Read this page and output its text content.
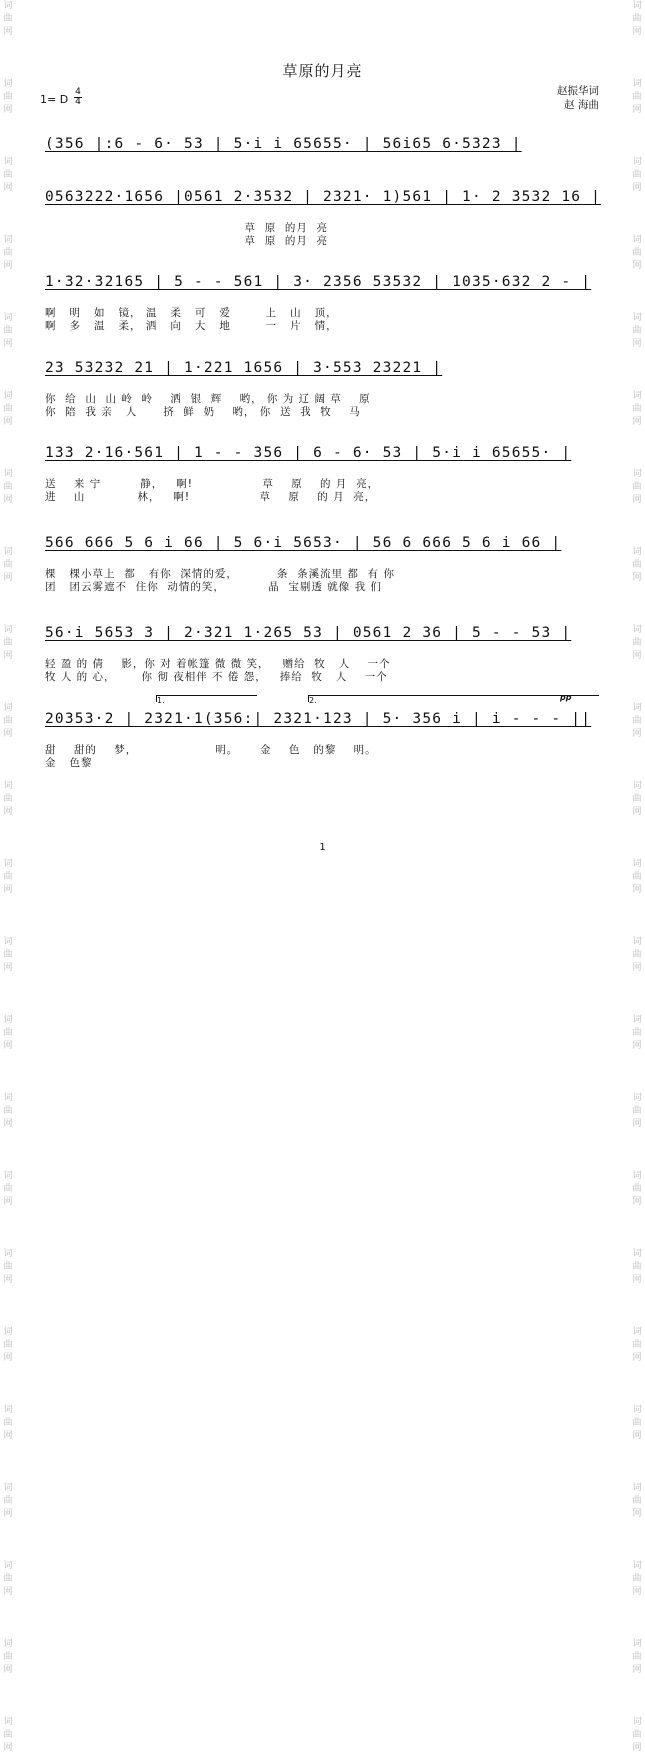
词
曲
网

词
曲
网

词
曲
网

词
曲
网

词
曲
网

词
曲
网

词
曲
网

词
曲
网

词
曲
网

词
曲
网

词
曲
网

词
曲
网

词
曲
网

词
曲
网

词
曲
网

词
曲
网

词
曲
网

词
曲
网

词
曲
网

词
曲
网

词
曲
网

词
曲
网

词
曲
网

词
曲
网

词
曲
网

词
曲
网

词
曲
网

词
曲
网

词
曲
网

词
曲
网

词
曲
网

词
曲
网

词
曲
网

词
曲
网

词
曲
网

词
曲
网

词
曲
网

词
曲
网

词
曲
网

词
曲
网

词
曲
网

词
曲
网

词
曲
网

词
曲
网

词
曲
网

词
曲
网

草原的月亮
赵振华词
赵 海曲
1= D
4
4
(356 |:6 - 6· 53 | 5·i i 65655· | 56i65 6·5323 |
0563222·1656 |0561 2·3532 | 2321· 1)561 | 1· 2 3532 16 |
草  原  的月  亮
草  原  的月  亮
1·32·32165 | 5 - - 561 | 3· 2356 53532 | 1035·632 2 - |
啊   明   如   镜， 温   柔   可   爱        上   山   顶，
啊   多   温   柔， 洒   向   大   地        一   片   情，
23 53232 21 | 1·221 1656 | 3·553 23221 |
你  给  山  山 岭  岭    洒  银  辉    哟， 你 为 辽 阔 草    原
你  陪  我 亲   人      挤  鲜  奶    哟， 你  送  我  牧    马
133 2·16·561 | 1 - - 356 | 6 - 6· 53 | 5·i i 65655· |
送    来 宁         静，   啊!                草    原    的 月  亮，
进    山            林，   啊!                草    原    的 月  亮，
566 666 5 6 i 66 | 5 6·i 5653· | 56 6 666 5 6 i 66 |
棵   棵小草上  都   有你  深情的爱，         条  条溪流里 都  有 你
团   团云雾遮不  住你  动情的笑，          晶  宝剔透 就像 我 们
56·i 5653 3 | 2·321 1·265 53 | 0561 2 36 | 5 - - 53 |
轻 盈 的 倩    影，你 对 着帐篷 微 微 笑，   赠给  牧   人    一个
牧 人 的 心，      你 彻 夜相伴 不 倦 怨，   捧给  牧   人    一个
20353·2 | 2321·1(356:| 2321·123 | 5· 356 i | i - - - ||
1.	2.	pp
甜    甜的    梦，                  明。     金    色   的黎    明。
金   色黎
1
